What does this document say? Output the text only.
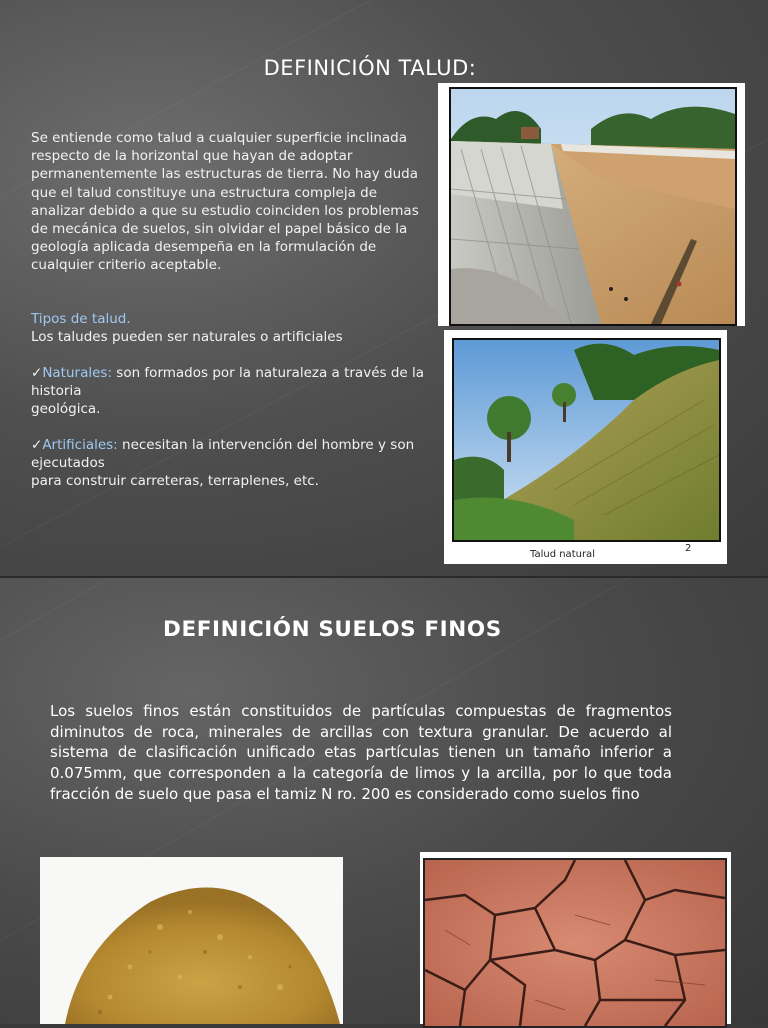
DEFINICIÓN TALUD:

Se entiende como talud a cualquier superficie inclinada respecto de la horizontal que hayan de adoptar permanentemente las estructuras de tierra. No hay duda que el talud constituye una estructura compleja de analizar debido a que su estudio coinciden los problemas de mecánica de suelos, sin olvidar el papel básico de la geología aplicada desempeña en la formulación de cualquier criterio aceptable.

Tipos de talud.
Los taludes pueden ser naturales o artificiales
✓Naturales: son formados por la naturaleza a través de la historia
geológica.
✓Artificiales: necesitan la intervención del hombre y son ejecutados
para construir carreteras, terraplenes, etc.
Talud natural
2
DEFINICIÓN SUELOS FINOS

Los suelos finos están constituidos de partículas compuestas de fragmentos diminutos de roca, minerales de arcillas con textura granular. De acuerdo al sistema de clasificación unificado etas partículas tienen un tamaño inferior a 0.075mm, que corresponden a la categoría de limos y la arcilla, por lo que toda fracción de suelo que pasa el tamiz N ro. 200 es considerado como suelos fino
